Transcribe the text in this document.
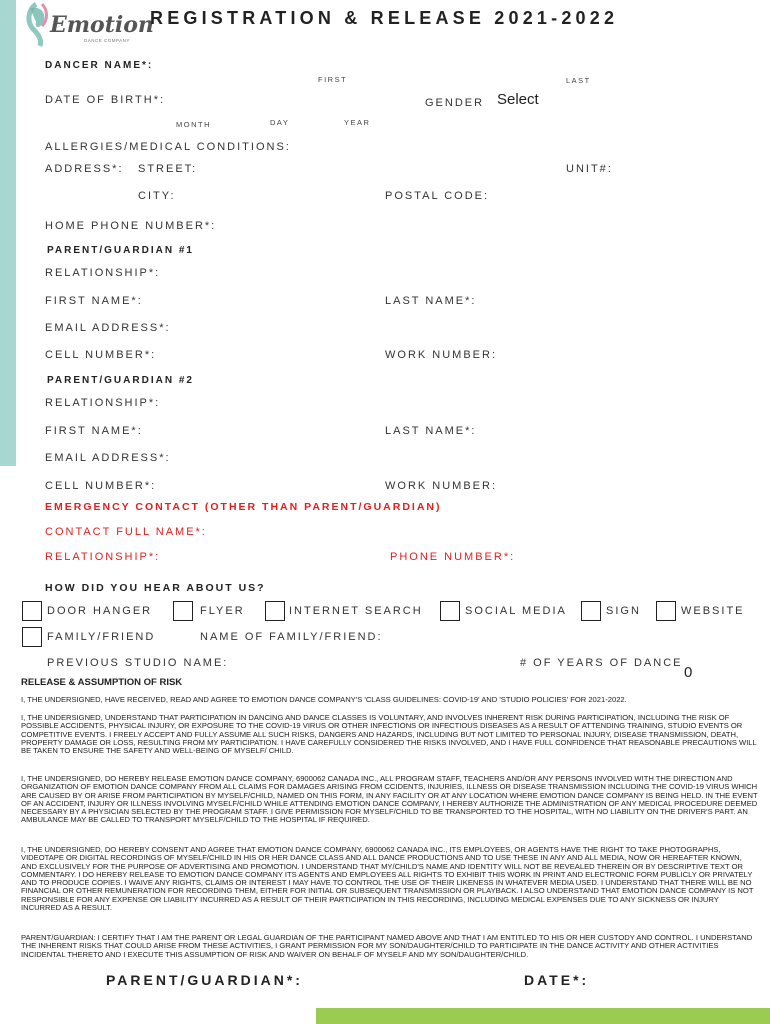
Emotion
DANCE COMPANY
REGISTRATION & RELEASE 2021-2022
DANCER NAME*:
FIRST	LAST
DATE OF BIRTH*:	GENDER Select
MONTH	DAY	YEAR
ALLERGIES/MEDICAL CONDITIONS:
ADDRESS*: STREET:	UNIT#:
CITY:	POSTAL CODE:
HOME PHONE NUMBER*:
PARENT/GUARDIAN #1
RELATIONSHIP*:
FIRST NAME*:	LAST NAME*:
EMAIL ADDRESS*:
CELL NUMBER*:	WORK NUMBER:
PARENT/GUARDIAN #2
RELATIONSHIP*:
FIRST NAME*:	LAST NAME*:
EMAIL ADDRESS*:
CELL NUMBER*:	WORK NUMBER:
EMERGENCY CONTACT (OTHER THAN PARENT/GUARDIAN)
CONTACT FULL NAME*:
RELATIONSHIP*:	PHONE NUMBER*:
HOW DID YOU HEAR ABOUT US?
DOOR HANGER	FLYER	INTERNET SEARCH	SOCIAL MEDIA	SIGN	WEBSITE
FAMILY/FRIEND	NAME OF FAMILY/FRIEND:
PREVIOUS STUDIO NAME:	# OF YEARS OF DANCE
0
RELEASE & ASSUMPTION OF RISK
I, THE UNDERSIGNED, HAVE RECEIVED, READ AND AGREE TO EMOTION DANCE COMPANY'S 'CLASS GUIDELINES: COVID-19' AND 'STUDIO POLICIES' FOR 2021-2022.
I, THE UNDERSIGNED, UNDERSTAND THAT PARTICIPATION IN DANCING AND DANCE CLASSES IS VOLUNTARY, AND INVOLVES INHERENT RISK DURING PARTICIPATION, INCLUDING THE RISK OF POSSIBLE ACCIDENTS, PHYSICAL INJURY, OR EXPOSURE TO THE COVID-19 VIRUS OR OTHER INFECTIONS OR INFECTIOUS DISEASES AS A RESULT OF ATTENDING TRAINING, STUDIO EVENTS OR COMPETITIVE EVENTS. I FREELY ACCEPT AND FULLY ASSUME ALL SUCH RISKS, DANGERS AND HAZARDS, INCLUDING BUT NOT LIMITED TO PERSONAL INJURY, DISEASE TRANSMISSION, DEATH, PROPERTY DAMAGE OR LOSS, RESULTING FROM MY PARTICIPATION. I HAVE CAREFULLY CONSIDERED THE RISKS INVOLVED, AND I HAVE FULL CONFIDENCE THAT REASONABLE PRECAUTIONS WILL BE TAKEN TO ENSURE THE SAFETY AND WELL-BEING OF MYSELF/ CHILD.
I, THE UNDERSIGNED, DO HEREBY RELEASE EMOTION DANCE COMPANY, 6900062 CANADA INC., ALL PROGRAM STAFF, TEACHERS AND/OR ANY PERSONS INVOLVED WITH THE DIRECTION AND ORGANIZATION OF EMOTION DANCE COMPANY FROM ALL CLAIMS FOR DAMAGES ARISING FROM CCIDENTS, INJURIES, ILLNESS OR DISEASE TRANSMISSION INCLUDING THE COVID-19 VIRUS WHICH ARE CAUSED BY OR ARISE FROM PARTICIPATION BY MYSELF/CHILD, NAMED ON THIS FORM, IN ANY FACILITY OR AT ANY LOCATION WHERE EMOTION DANCE COMPANY IS BEING HELD. IN THE EVENT OF AN ACCIDENT, INJURY OR ILLNESS INVOLVING MYSELF/CHILD WHILE ATTENDING EMOTION DANCE COMPANY, I HEREBY AUTHORIZE THE ADMINISTRATION OF ANY MEDICAL PROCEDURE DEEMED NECESSARY BY A PHYSICIAN SELECTED BY THE PROGRAM STAFF. I GIVE PERMISSION FOR MYSELF/CHILD TO BE TRANSPORTED TO THE HOSPITAL, WITH NO LIABILITY ON THE DRIVER'S PART. AN AMBULANCE MAY BE CALLED TO TRANSPORT MYSELF/CHILD TO THE HOSPITAL IF REQUIRED.
I, THE UNDERSIGNED, DO HEREBY CONSENT AND AGREE THAT EMOTION DANCE COMPANY, 6900062 CANADA INC., ITS EMPLOYEES, OR AGENTS HAVE THE RIGHT TO TAKE PHOTOGRAPHS, VIDEOTAPE OR DIGITAL RECORDINGS OF MYSELF/CHILD IN HIS OR HER DANCE CLASS AND ALL DANCE PRODUCTIONS AND TO USE THESE IN ANY AND ALL MEDIA, NOW OR HEREAFTER KNOWN, AND EXCLUSIVELY FOR THE PURPOSE OF ADVERTISING AND PROMOTION. I UNDERSTAND THAT MY/CHILD'S NAME AND IDENTITY WILL NOT BE REVEALED THEREIN OR BY DESCRIPTIVE TEXT OR COMMENTARY. I DO HEREBY RELEASE TO EMOTION DANCE COMPANY ITS AGENTS AND EMPLOYEES ALL RIGHTS TO EXHIBIT THIS WORK IN PRINT AND ELECTRONIC FORM PUBLICLY OR PRIVATELY AND TO PRODUCE COPIES. I WAIVE ANY RIGHTS, CLAIMS OR INTEREST I MAY HAVE TO CONTROL THE USE OF THEIR LIKENESS IN WHATEVER MEDIA USED. I UNDERSTAND THAT THERE WILL BE NO FINANCIAL OR OTHER REMUNERATION FOR RECORDING THEM, EITHER FOR INITIAL OR SUBSEQUENT TRANSMISSION OR PLAYBACK. I ALSO UNDERSTAND THAT EMOTION DANCE COMPANY IS NOT RESPONSIBLE FOR ANY EXPENSE OR LIABILITY INCURRED AS A RESULT OF THEIR PARTICIPATION IN THIS RECORDING, INCLUDING MEDICAL EXPENSES DUE TO ANY SICKNESS OR INJURY INCURRED AS A RESULT.
PARENT/GUARDIAN: I CERTIFY THAT I AM THE PARENT OR LEGAL GUARDIAN OF THE PARTICIPANT NAMED ABOVE AND THAT I AM ENTITLED TO HIS OR HER CUSTODY AND CONTROL. I UNDERSTAND THE INHERENT RISKS THAT COULD ARISE FROM THESE ACTIVITIES, I GRANT PERMISSION FOR MY SON/DAUGHTER/CHILD TO PARTICIPATE IN THE DANCE ACTIVITY AND OTHER ACTIVITIES INCIDENTAL THERETO AND I EXECUTE THIS ASSUMPTION OF RISK AND WAIVER ON BEHALF OF MYSELF AND MY SON/DAUGHTER/CHILD.
PARENT/GUARDIAN*:	DATE*:
